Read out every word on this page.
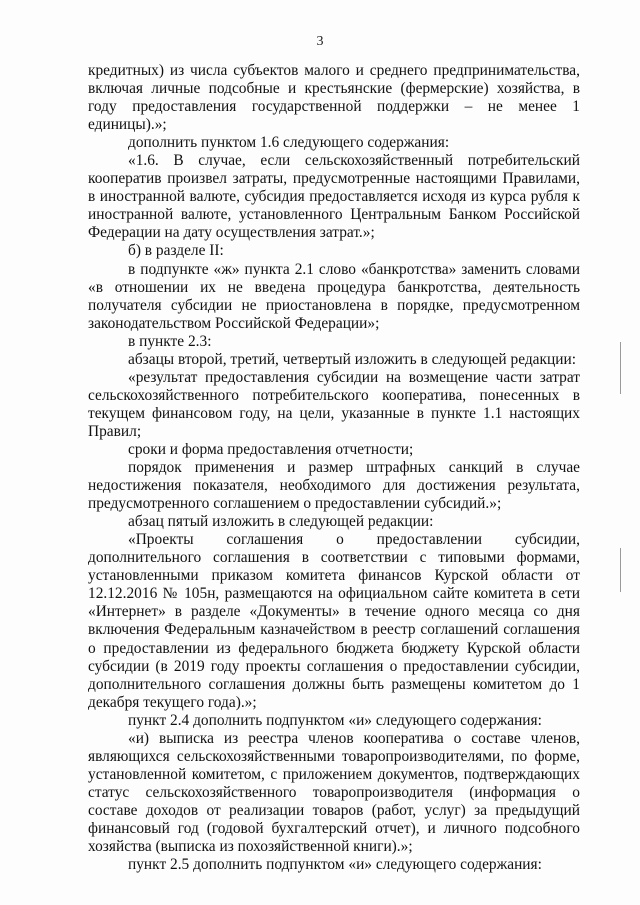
3

кредитных) из числа субъектов малого и среднего предпринимательства, включая личные подсобные и крестьянские (фермерские) хозяйства, в году предоставления государственной поддержки – не менее 1 единицы).»;

дополнить пунктом 1.6 следующего содержания:

«1.6. В случае, если сельскохозяйственный потребительский кооператив произвел затраты, предусмотренные настоящими Правилами, в иностранной валюте, субсидия предоставляется исходя из курса рубля к иностранной валюте, установленного Центральным Банком Российской Федерации на дату осуществления затрат.»;

б) в разделе II:

в подпункте «ж» пункта 2.1 слово «банкротства» заменить словами «в отношении их не введена процедура банкротства, деятельность получателя субсидии не приостановлена в порядке, предусмотренном законодательством Российской Федерации»;

в пункте 2.3:

абзацы второй, третий, четвертый изложить в следующей редакции:

«результат предоставления субсидии на возмещение части затрат сельскохозяйственного потребительского кооператива, понесенных в текущем финансовом году, на цели, указанные в пункте 1.1 настоящих Правил;

сроки и форма предоставления отчетности;

порядок применения и размер штрафных санкций в случае недостижения показателя, необходимого для достижения результата, предусмотренного соглашением о предоставлении субсидий.»;

абзац пятый изложить в следующей редакции:

«Проекты соглашения о предоставлении субсидии, дополнительного соглашения в соответствии с типовыми формами, установленными приказом комитета финансов Курской области от 12.12.2016 № 105н, размещаются на официальном сайте комитета в сети «Интернет» в разделе «Документы» в течение одного месяца со дня включения Федеральным казначейством в реестр соглашений соглашения о предоставлении из федерального бюджета бюджету Курской области субсидии (в 2019 году проекты соглашения о предоставлении субсидии, дополнительного соглашения должны быть размещены комитетом до 1 декабря текущего года).»;

пункт 2.4 дополнить подпунктом «и» следующего содержания:

«и) выписка из реестра членов кооператива о составе членов, являющихся сельскохозяйственными товаропроизводителями, по форме, установленной комитетом, с приложением документов, подтверждающих статус сельскохозяйственного товаропроизводителя (информация о составе доходов от реализации товаров (работ, услуг) за предыдущий финансовый год (годовой бухгалтерский отчет), и личного подсобного хозяйства (выписка из похозяйственной книги).»;

пункт 2.5 дополнить подпунктом «и» следующего содержания:
